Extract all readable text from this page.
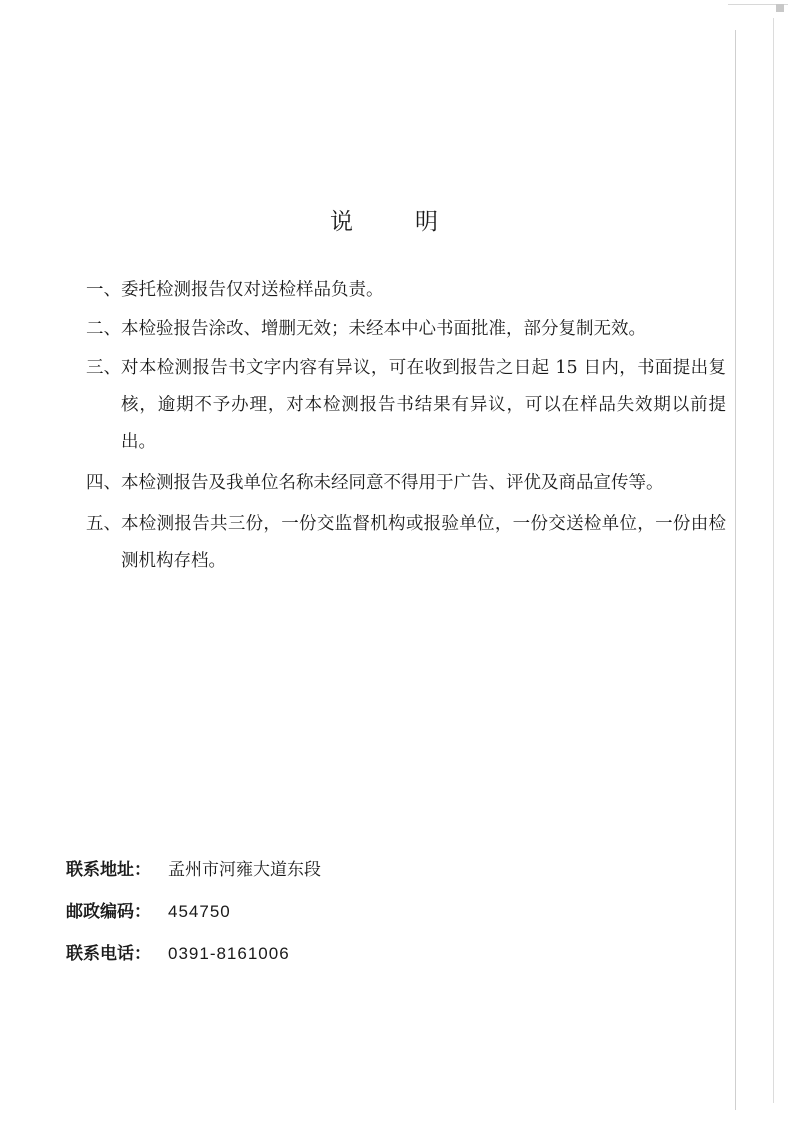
说	明
一、 委托检测报告仅对送检样品负责。
二、 本检验报告涂改、增删无效；未经本中心书面批准，部分复制无效。
三、 对本检测报告书文字内容有异议，可在收到报告之日起 15 日内，书面提出复核，逾期不予办理，对本检测报告书结果有异议，可以在样品失效期以前提出。
四、 本检测报告及我单位名称未经同意不得用于广告、评优及商品宣传等。
五、 本检测报告共三份，一份交监督机构或报验单位，一份交送检单位，一份由检测机构存档。
联系地址： 孟州市河雍大道东段
邮政编码： 454750
联系电话： 0391-8161006
